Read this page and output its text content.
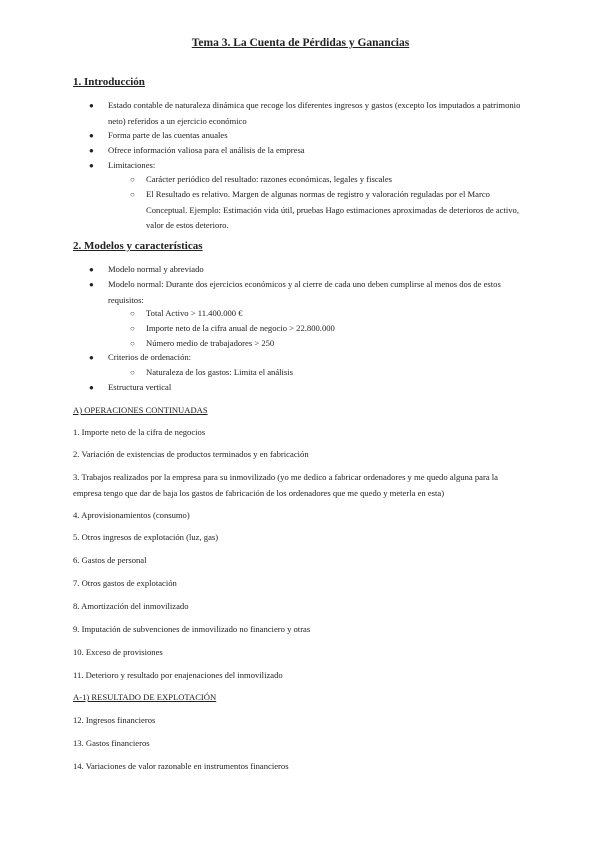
Tema 3. La Cuenta de Pérdidas y Ganancias
1. Introducción
● Estado contable de naturaleza dinámica que recoge los diferentes ingresos y gastos (excepto los imputados a patrimonio neto) referidos a un ejercicio económico
● Forma parte de las cuentas anuales
● Ofrece información valiosa para el análisis de la empresa
● Limitaciones:
○ Carácter periódico del resultado: razones económicas, legales y fiscales
○ El Resultado es relativo. Margen de algunas normas de registro y valoración reguladas por el Marco Conceptual. Ejemplo: Estimación vida útil, pruebas Hago estimaciones aproximadas de deterioros de activo, valor de estos deterioro.
2. Modelos y características
● Modelo normal y abreviado
● Modelo normal: Durante dos ejercicios económicos y al cierre de cada uno deben cumplirse al menos dos de estos requisitos:
○ Total Activo > 11.400.000 €
○ Importe neto de la cifra anual de negocio > 22.800.000
○ Número medio de trabajadores > 250
● Criterios de ordenación:
○ Naturaleza de los gastos: Limita el análisis
● Estructura vertical
A) OPERACIONES CONTINUADAS
1. Importe neto de la cifra de negocios
2. Variación de existencias de productos terminados y en fabricación
3. Trabajos realizados por la empresa para su inmovilizado (yo me dedico a fabricar ordenadores y me quedo alguna para la empresa tengo que dar de baja los gastos de fabricación de los ordenadores que me quedo y meterla en esta)
4. Aprovisionamientos (consumo)
5. Otros ingresos de explotación (luz, gas)
6. Gastos de personal
7. Otros gastos de explotación
8. Amortización del inmovilizado
9. Imputación de subvenciones de inmovilizado no financiero y otras
10. Exceso de provisiones
11. Deterioro y resultado por enajenaciones del inmovilizado
A-1) RESULTADO DE EXPLOTACIÓN
12. Ingresos financieros
13. Gastos financieros
14. Variaciones de valor razonable en instrumentos financieros
